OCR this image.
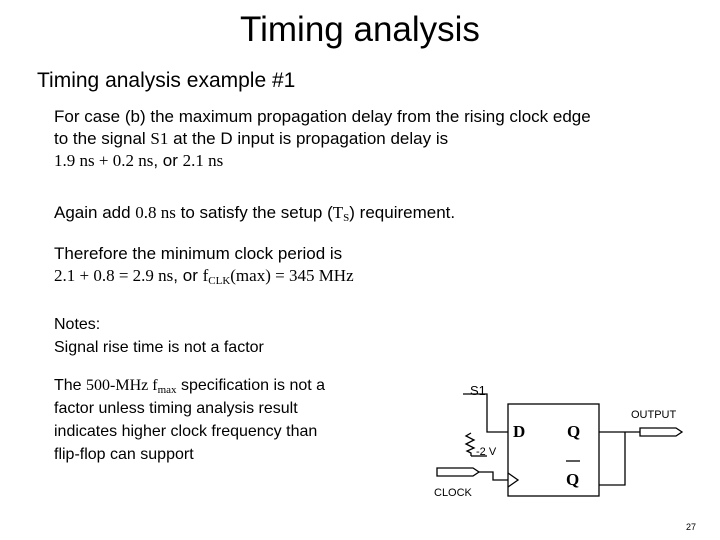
Timing analysis
Timing analysis example #1
For case (b) the maximum propagation delay from the rising clock edge
to the signal S1 at the D input is propagation delay is
1.9 ns + 0.2 ns, or 2.1 ns
Again add 0.8 ns to satisfy the setup $(T_S)$ requirement.
Therefore the minimum clock period is
2.1 + 0.8 = 2.9 ns, or $f_{CLK}(\max) = 345$ MHz
Notes:
Signal rise time is not a factor
The 500-MHz $f_{max}$ specification is not a
factor unless timing analysis result
indicates higher clock frequency than
flip-flop can support
S1
OUTPUT
D Q
Q
-2 V
CLOCK
27
